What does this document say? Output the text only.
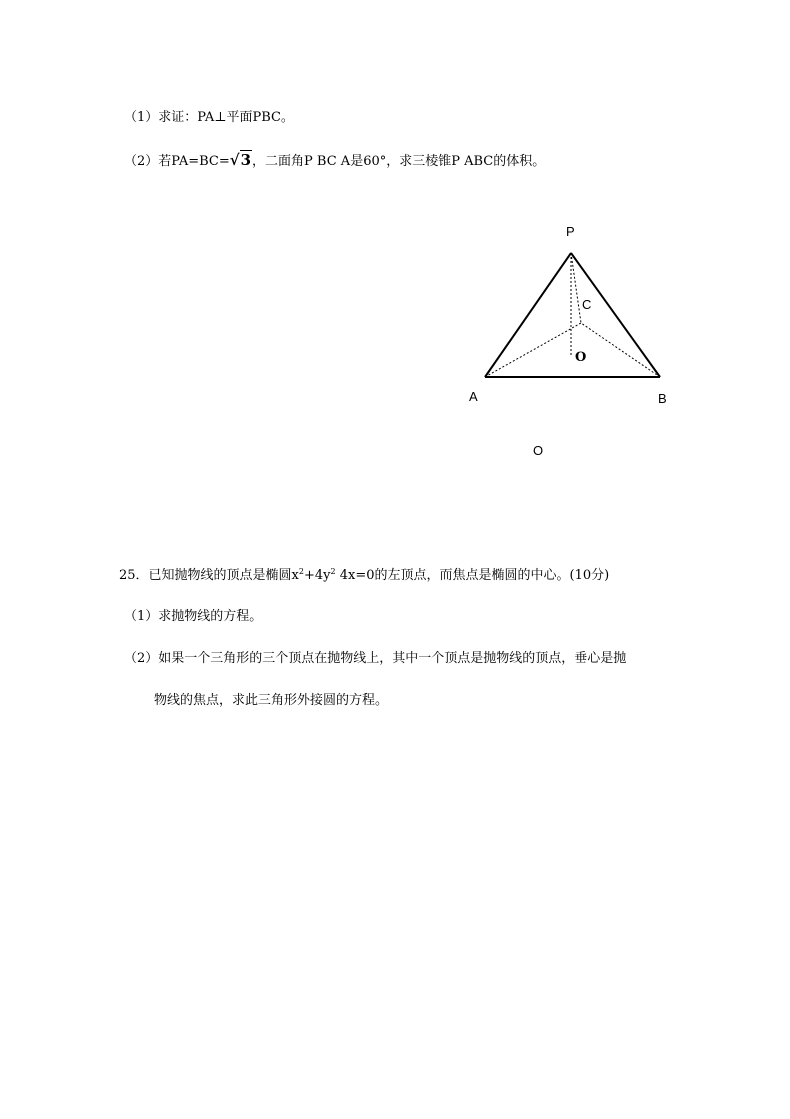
（1）求证：PA⊥平面PBC。
（2）若PA=BC=√3，二面角P BC A是60°，求三棱锥P ABC的体积。
P
C
O
A	B
O
25．已知抛物线的顶点是椭圆$x^2+4y^2$ 4x=0的左顶点，而焦点是椭圆的中心。(10分)
（1）求抛物线的方程。
（2）如果一个三角形的三个顶点在抛物线上，其中一个顶点是抛物线的顶点，垂心是抛
物线的焦点，求此三角形外接圆的方程。
